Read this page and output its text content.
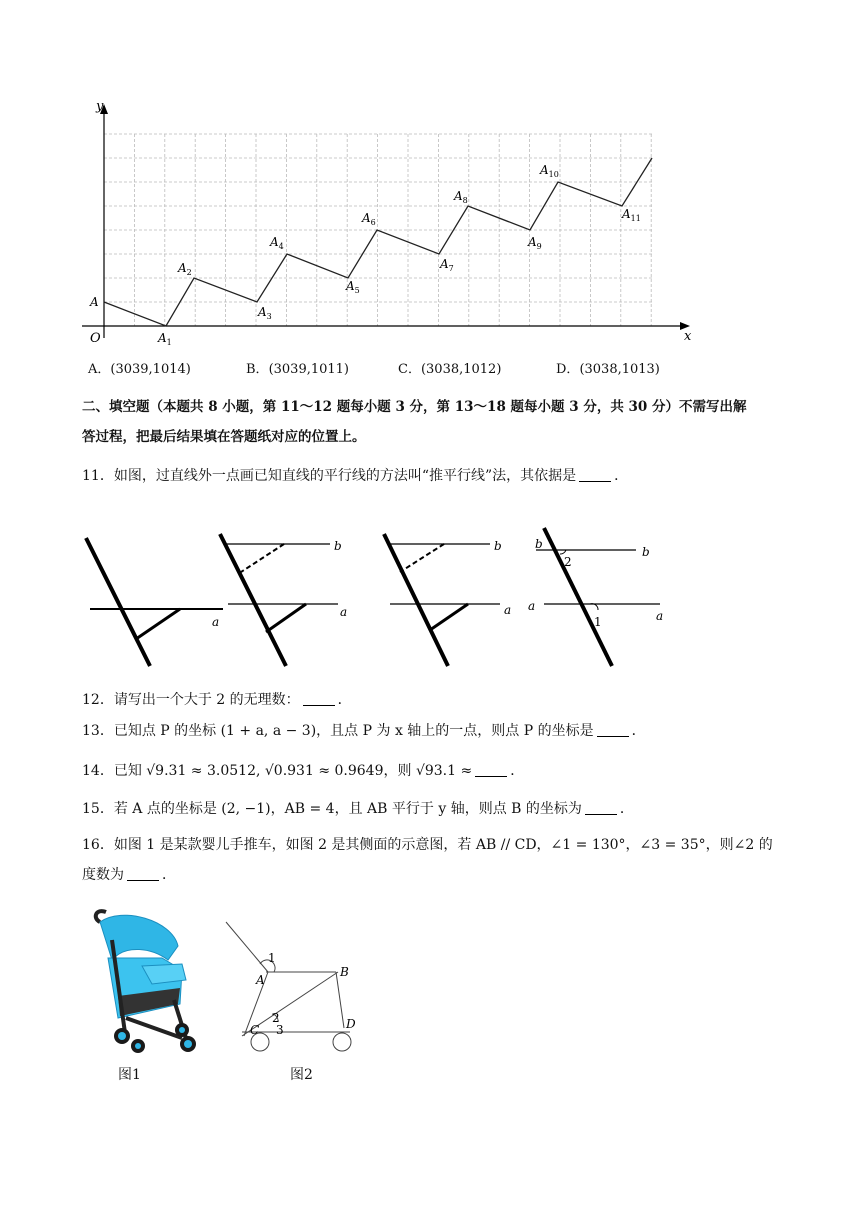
x
y
O
A
$A_1$
$A_2$
$A_3$
$A_4$
$A_5$
$A_6$
$A_7$
$A_8$
$A_9$
$A_{10}$
$A_{11}$
A．(3039,1014)	B．(3039,1011)	C．(3038,1012)	D．(3038,1013)
二、填空题（本题共 8 小题，第 11～12 题每小题 3 分，第 13～18 题每小题 3 分，共 30 分）不需写出解
答过程，把最后结果填在答题纸对应的位置上。
11．如图，过直线外一点画已知直线的平行线的方法叫“推平行线”法，其依据是	．
a
b
a
b
a
b
b
a
a
2
1
12．请写出一个大于 2 的无理数：	．
13．已知点 P 的坐标 (1 + a, a − 3)，且点 P 为 x 轴上的一点，则点 P 的坐标是	．
14．已知 √9.31 ≈ 3.0512, √0.931 ≈ 0.9649，则 √93.1 ≈	．
15．若 A 点的坐标是 (2, −1)，AB = 4，且 AB 平行于 y 轴，则点 B 的坐标为	．
16．如图 1 是某款婴儿手推车，如图 2 是其侧面的示意图，若 AB // CD，∠1 = 130°，∠3 = 35°，则∠2 的
度数为	．
图1
1
A
B
2
3
C	D
图2
